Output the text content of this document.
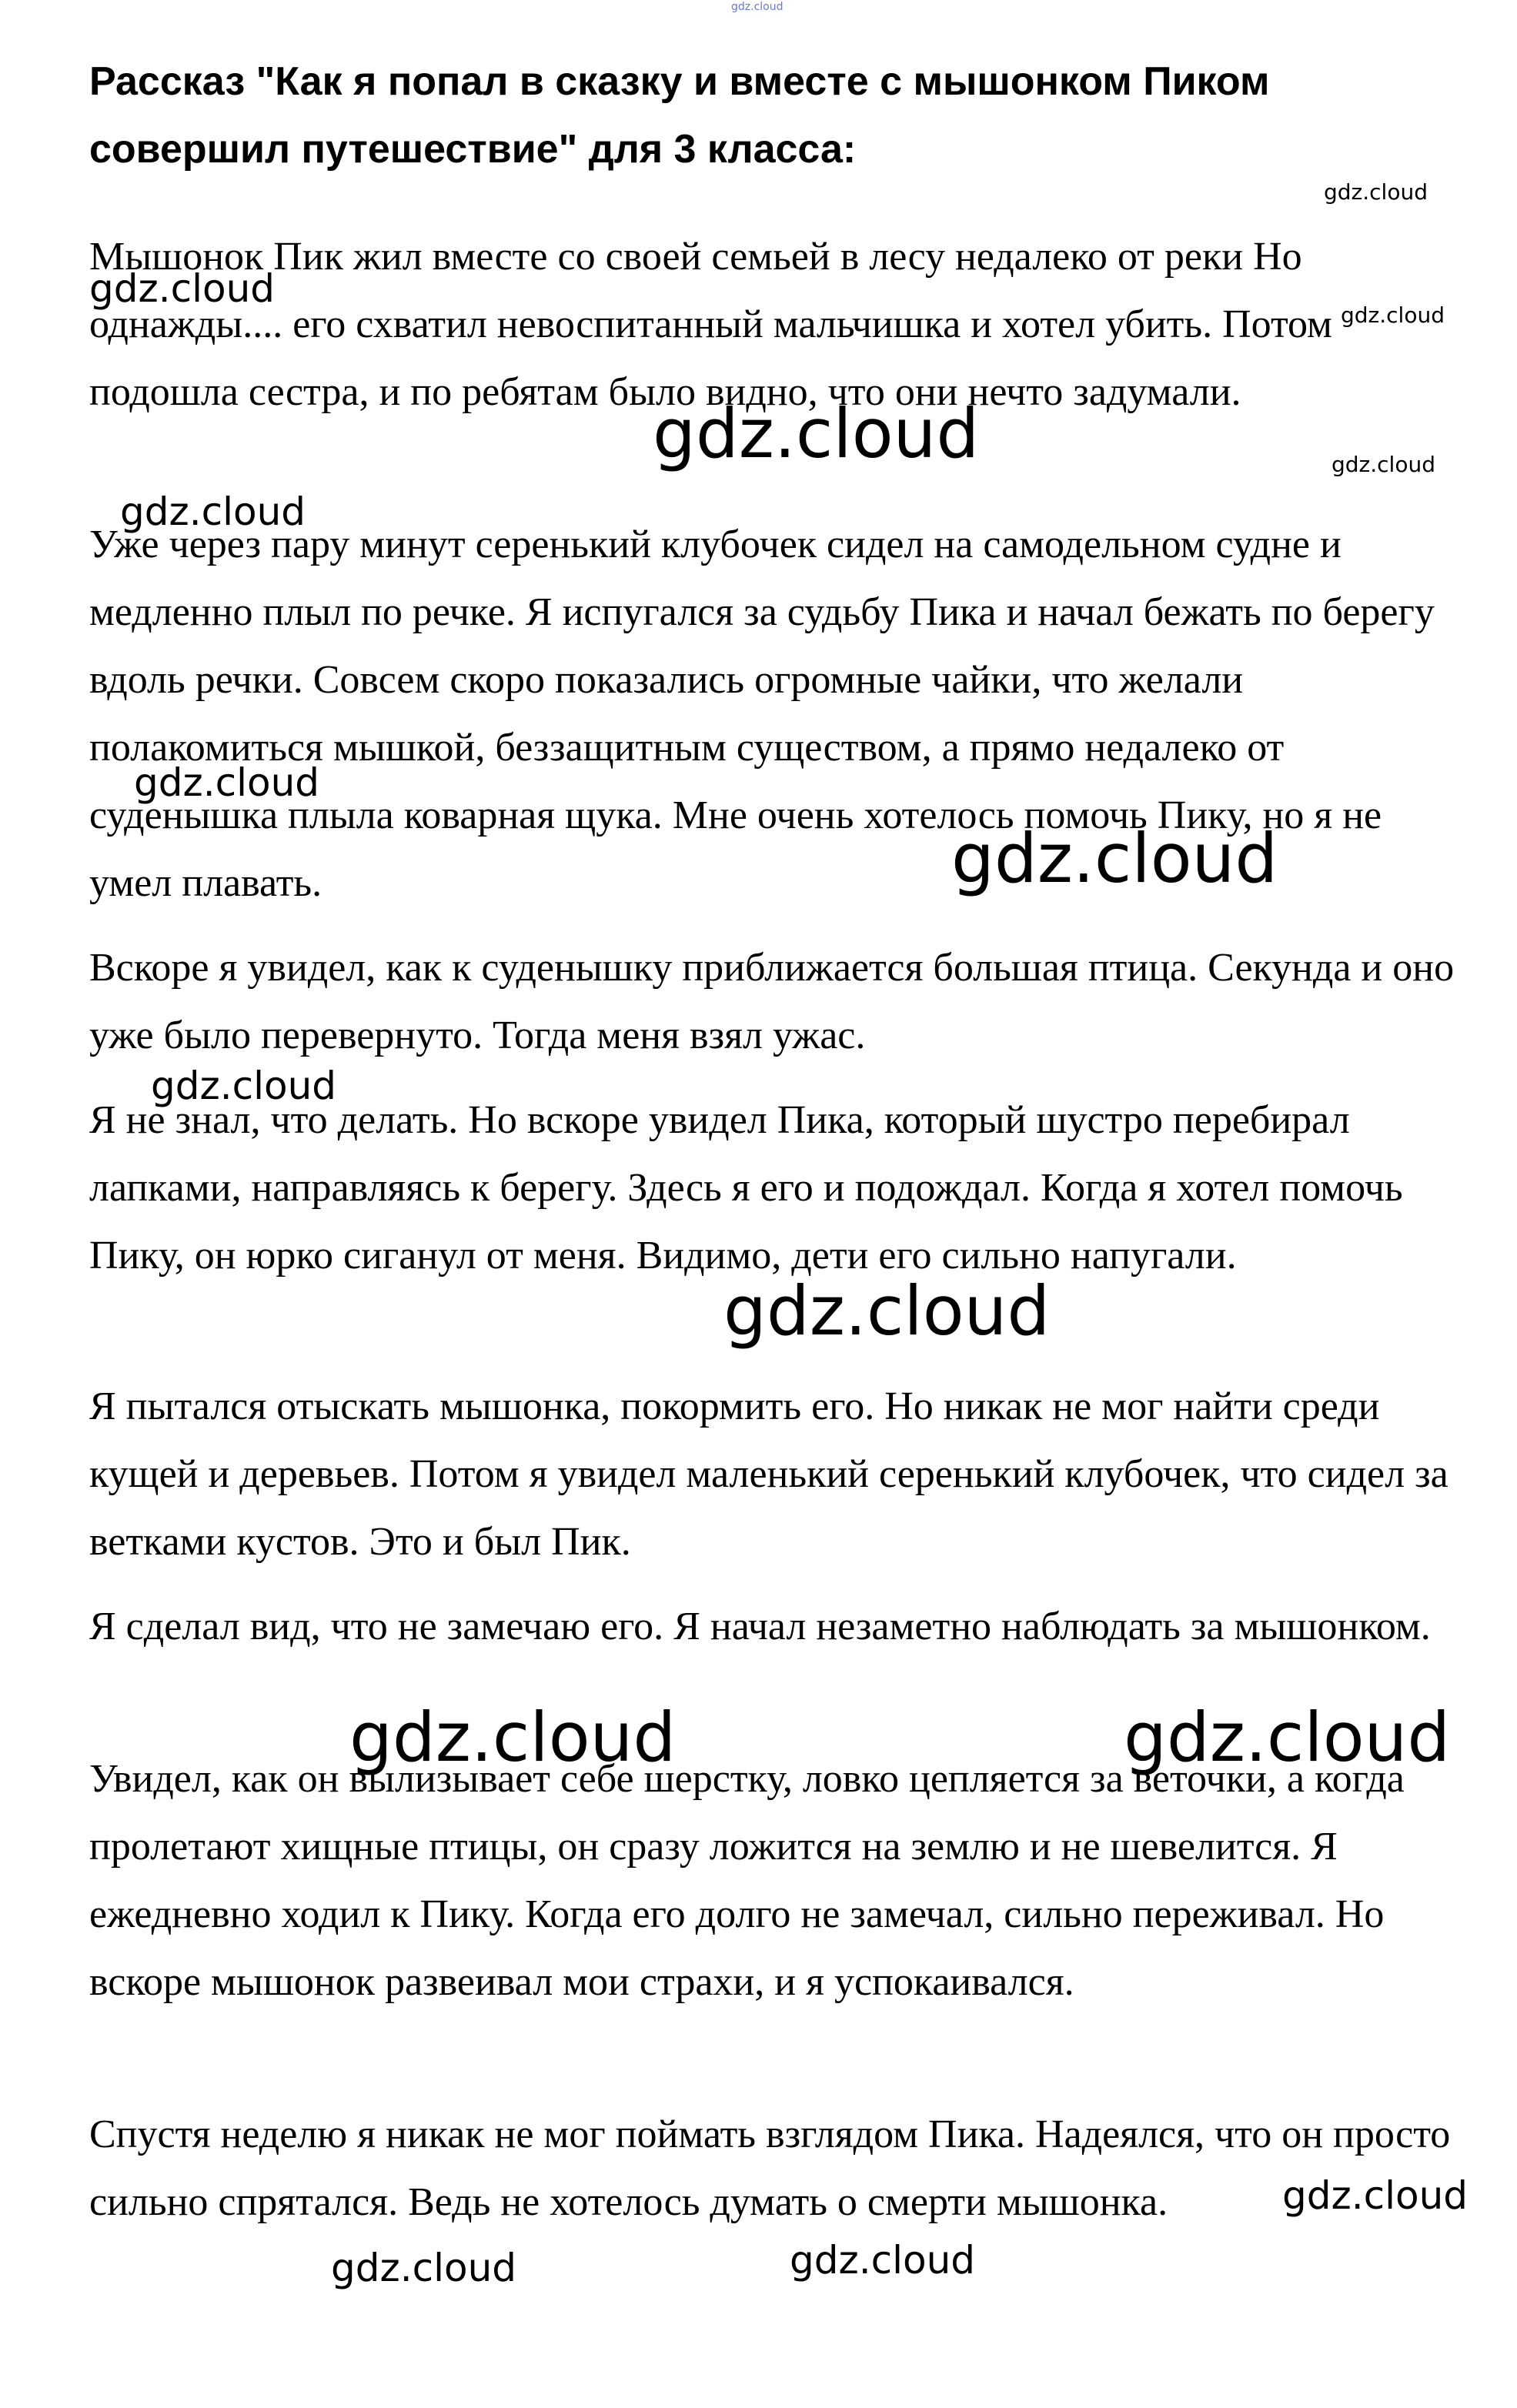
Рассказ "Как я попал в сказку и вместе с мышонком Пиком совершил путешествие" для 3 класса:

Мышонок Пик жил вместе со своей семьей в лесу недалеко от реки Но однажды.... его схватил невоспитанный мальчишка и хотел убить. Потом подошла сестра, и по ребятам было видно, что они нечто задумали.

Уже через пару минут серенький клубочек сидел на самодельном судне и медленно плыл по речке. Я испугался за судьбу Пика и начал бежать по берегу вдоль речки. Совсем скоро показались огромные чайки, что желали полакомиться мышкой, беззащитным существом, а прямо недалеко от суденышка плыла коварная щука. Мне очень хотелось помочь Пику, но я не умел плавать.

Вскоре я увидел, как к суденышку приближается большая птица. Секунда и оно уже было перевернуто. Тогда меня взял ужас.

Я не знал, что делать. Но вскоре увидел Пика, который шустро перебирал лапками, направляясь к берегу. Здесь я его и подождал. Когда я хотел помочь Пику, он юрко сиганул от меня. Видимо, дети его сильно напугали.

Я пытался отыскать мышонка, покормить его. Но никак не мог найти среди кущей и деревьев. Потом я увидел маленький серенький клубочек, что сидел за ветками кустов. Это и был Пик.

Я сделал вид, что не замечаю его. Я начал незаметно наблюдать за мышонком.

Увидел, как он вылизывает себе шерстку, ловко цепляется за веточки, а когда пролетают хищные птицы, он сразу ложится на землю и не шевелится. Я ежедневно ходил к Пику. Когда его долго не замечал, сильно переживал. Но вскоре мышонок развеивал мои страхи, и я успокаивался.

Спустя неделю я никак не мог поймать взглядом Пика. Надеялся, что он просто сильно спрятался. Ведь не хотелось думать о смерти мышонка.

gdz.cloud
gdz.cloud
gdz.cloud
gdz.cloud
gdz.cloud	gdz.cloud
gdz.cloud
gdz.cloud
gdz.cloud
gdz.cloud
gdz.cloud
gdz.cloud	gdz.cloud
gdz.cloud
gdz.cloud
gdz.cloud
